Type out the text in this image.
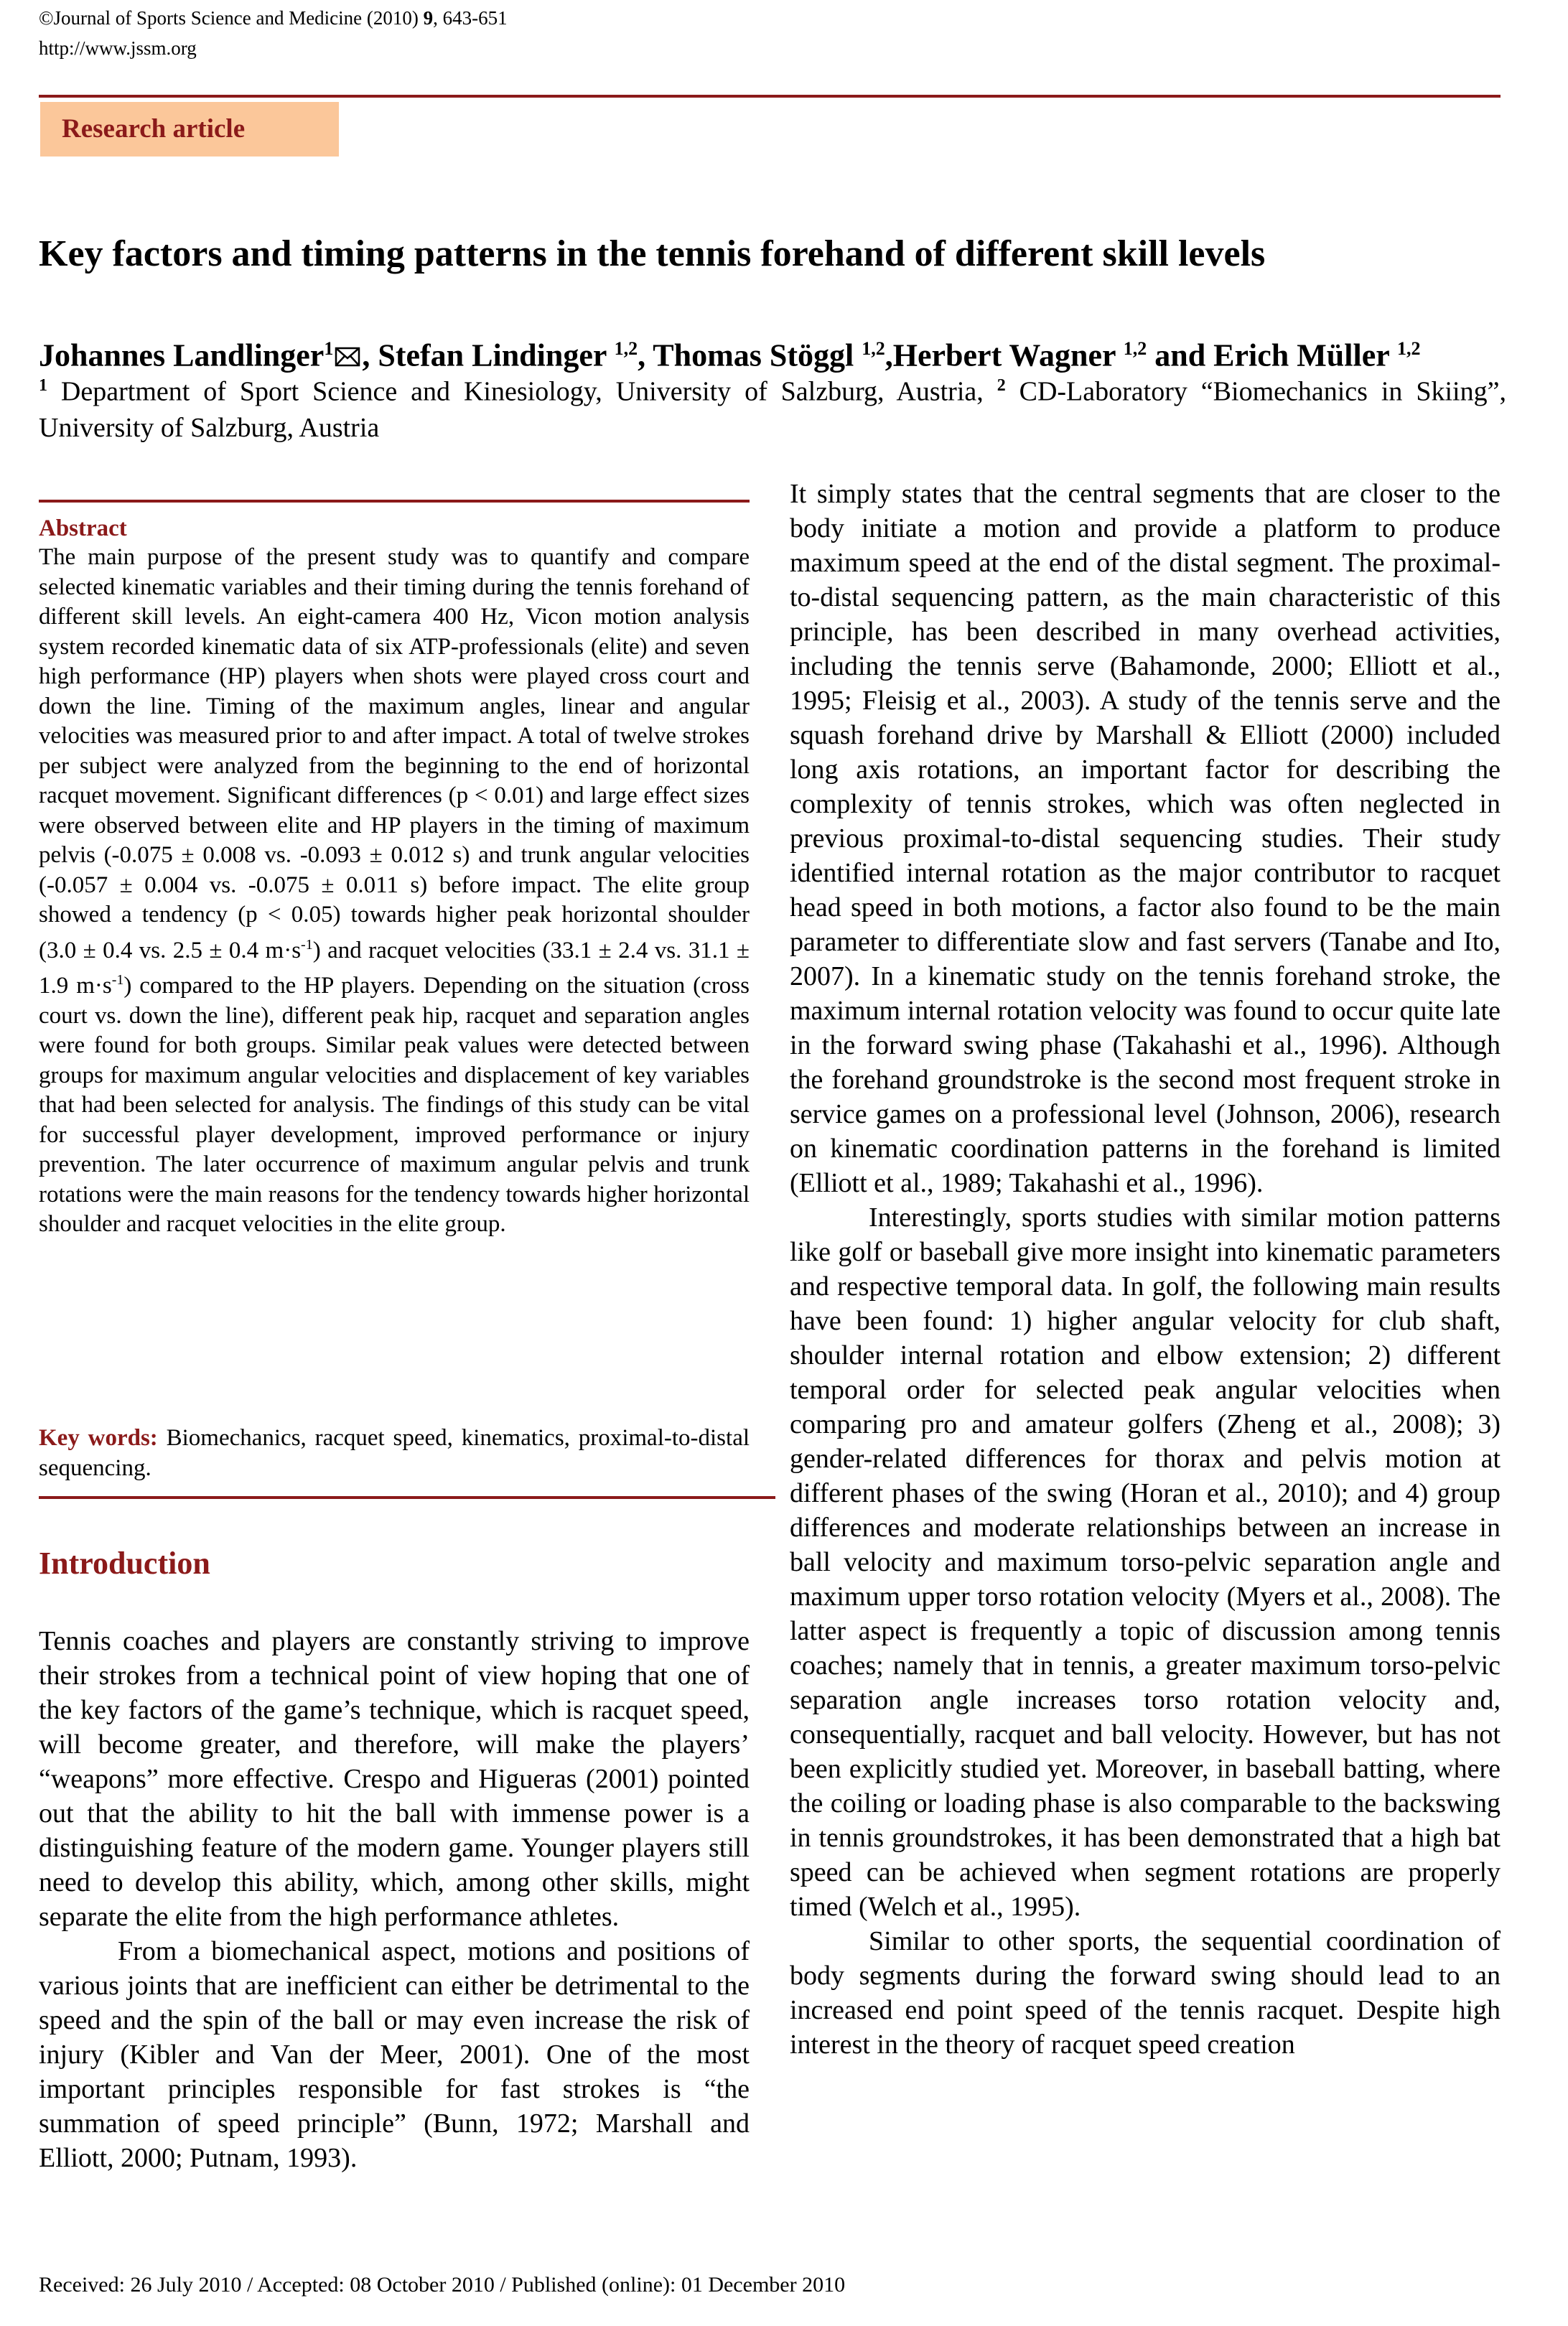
©Journal of Sports Science and Medicine (2010) 9, 643-651
http://www.jssm.org
Research article
Key factors and timing patterns in the tennis forehand of different skill levels
Johannes Landlinger$^1$ , Stefan Lindinger $^{1,2}$, Thomas Stöggl $^{1,2}$,Herbert Wagner $^{1,2}$ and Erich Müller $^{1,2}$
$^1$ Department of Sport Science and Kinesiology, University of Salzburg, Austria, $^2$ CD-Laboratory “Biomechanics in Skiing”, University of Salzburg, Austria
Abstract

The main purpose of the present study was to quantify and compare selected kinematic variables and their timing during the tennis forehand of different skill levels. An eight-camera 400 Hz, Vicon motion analysis system recorded kinematic data of six ATP-professionals (elite) and seven high performance (HP) players when shots were played cross court and down the line. Timing of the maximum angles, linear and angular velocities was measured prior to and after impact. A total of twelve strokes per subject were analyzed from the beginning to the end of horizontal racquet movement. Significant differences (p < 0.01) and large effect sizes were observed between elite and HP players in the timing of maximum pelvis (-0.075 ± 0.008 vs. -0.093 ± 0.012 s) and trunk angular velocities (-0.057 ± 0.004 vs. -0.075 ± 0.011 s) before impact. The elite group showed a tendency (p < 0.05) towards higher peak horizontal shoulder (3.0 ± 0.4 vs. 2.5 ± 0.4 $m\cdot s^{-1}$) and racquet velocities (33.1 ± 2.4 vs. 31.1 ± 1.9 $m\cdot s^{-1}$) compared to the HP players. Depending on the situation (cross court vs. down the line), different peak hip, racquet and separation angles were found for both groups. Similar peak values were detected between groups for maximum angular velocities and displacement of key variables that had been selected for analysis. The findings of this study can be vital for successful player development, improved performance or injury prevention. The later occurrence of maximum angular pelvis and trunk rotations were the main reasons for the tendency towards higher horizontal shoulder and racquet velocities in the elite group.

Key words: Biomechanics, racquet speed, kinematics, proximal-to-distal sequencing.
Introduction

Tennis coaches and players are constantly striving to improve their strokes from a technical point of view hoping that one of the key factors of the game’s technique, which is racquet speed, will become greater, and therefore, will make the players’ “weapons” more effective. Crespo and Higueras (2001) pointed out that the ability to hit the ball with immense power is a distinguishing feature of the modern game. Younger players still need to develop this ability, which, among other skills, might separate the elite from the high performance athletes.

From a biomechanical aspect, motions and positions of various joints that are inefficient can either be detrimental to the speed and the spin of the ball or may even increase the risk of injury (Kibler and Van der Meer, 2001). One of the most important principles responsible for fast strokes is “the summation of speed principle” (Bunn, 1972; Marshall and Elliott, 2000; Putnam, 1993).

It simply states that the central segments that are closer to the body initiate a motion and provide a platform to produce maximum speed at the end of the distal segment. The proximal-to-distal sequencing pattern, as the main characteristic of this principle, has been described in many overhead activities, including the tennis serve (Bahamonde, 2000; Elliott et al., 1995; Fleisig et al., 2003). A study of the tennis serve and the squash forehand drive by Marshall & Elliott (2000) included long axis rotations, an important factor for describing the complexity of tennis strokes, which was often neglected in previous proximal-to-distal sequencing studies. Their study identified internal rotation as the major contributor to racquet head speed in both motions, a factor also found to be the main parameter to differentiate slow and fast servers (Tanabe and Ito, 2007). In a kinematic study on the tennis forehand stroke, the maximum internal rotation velocity was found to occur quite late in the forward swing phase (Takahashi et al., 1996). Although the forehand groundstroke is the second most frequent stroke in service games on a professional level (Johnson, 2006), research on kinematic coordination patterns in the forehand is limited (Elliott et al., 1989; Takahashi et al., 1996).

Interestingly, sports studies with similar motion patterns like golf or baseball give more insight into kinematic parameters and respective temporal data. In golf, the following main results have been found: 1) higher angular velocity for club shaft, shoulder internal rotation and elbow extension; 2) different temporal order for selected peak angular velocities when comparing pro and amateur golfers (Zheng et al., 2008); 3) gender-related differences for thorax and pelvis motion at different phases of the swing (Horan et al., 2010); and 4) group differences and moderate relationships between an increase in ball velocity and maximum torso-pelvic separation angle and maximum upper torso rotation velocity (Myers et al., 2008). The latter aspect is frequently a topic of discussion among tennis coaches; namely that in tennis, a greater maximum torso-pelvic separation angle increases torso rotation velocity and, consequentially, racquet and ball velocity. However, but has not been explicitly studied yet. Moreover, in baseball batting, where the coiling or loading phase is also comparable to the backswing in tennis groundstrokes, it has been demonstrated that a high bat speed can be achieved when segment rotations are properly timed (Welch et al., 1995).

Similar to other sports, the sequential coordination of body segments during the forward swing should lead to an increased end point speed of the tennis racquet. Despite high interest in the theory of racquet speed creation

Received: 26 July 2010 / Accepted: 08 October 2010 / Published (online): 01 December 2010
